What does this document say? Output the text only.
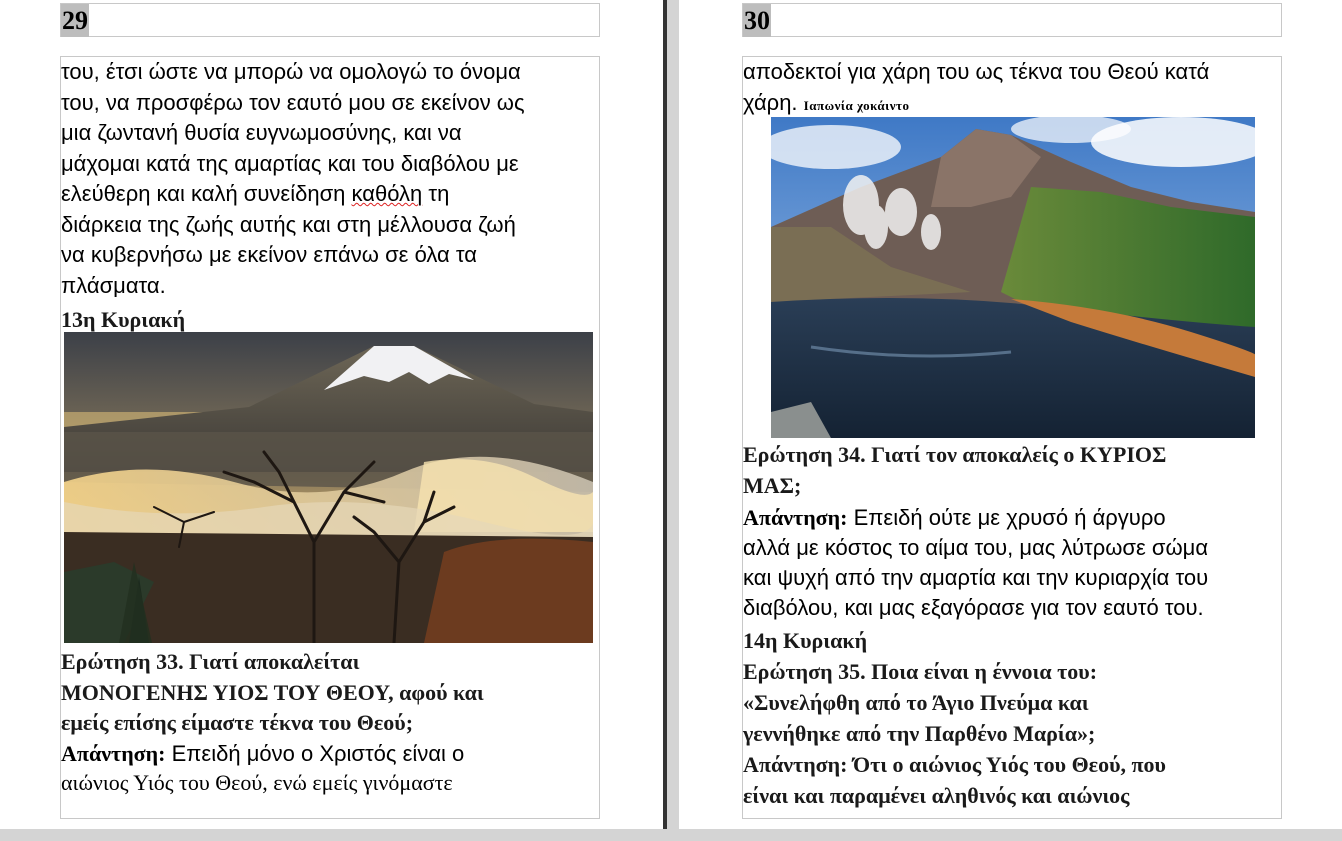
29

του, έτσι ώστε να μπορώ να ομολογώ το όνομα

του, να προσφέρω τον εαυτό μου σε εκείνον ως

μια ζωντανή θυσία ευγνωμοσύνης, και να

μάχομαι κατά της αμαρτίας και του διαβόλου με

ελεύθερη και καλή συνείδηση καθόλη τη

διάρκεια της ζωής αυτής και στη μέλλουσα ζωή

να κυβερνήσω με εκείνον επάνω σε όλα τα

πλάσματα.

13η Κυριακή

Ερώτηση 33. Γιατί αποκαλείται

ΜΟΝΟΓΕΝΗΣ ΥΙΟΣ ΤΟΥ ΘΕΟΥ, αφού και

εμείς επίσης είμαστε τέκνα του Θεού;

Απάντηση: Επειδή μόνο ο Χριστός είναι ο

αιώνιος Υιός του Θεού, ενώ εμείς γινόμαστε

30

αποδεκτοί για χάρη του ως τέκνα του Θεού κατά

χάρη. Ιαπωνία χοκάιντο

Ερώτηση 34. Γιατί τον αποκαλείς ο ΚΥΡΙΟΣ

ΜΑΣ;

Απάντηση: Επειδή ούτε με χρυσό ή άργυρο

αλλά με κόστος το αίμα του, μας λύτρωσε σώμα

και ψυχή από την αμαρτία και την κυριαρχία του

διαβόλου, και μας εξαγόρασε για τον εαυτό του.

14η Κυριακή

Ερώτηση 35. Ποια είναι η έννοια του:

«Συνελήφθη από το Άγιο Πνεύμα και

γεννήθηκε από την Παρθένο Μαρία»;

Απάντηση: Ότι ο αιώνιος Υιός του Θεού, που

είναι και παραμένει αληθινός και αιώνιος
